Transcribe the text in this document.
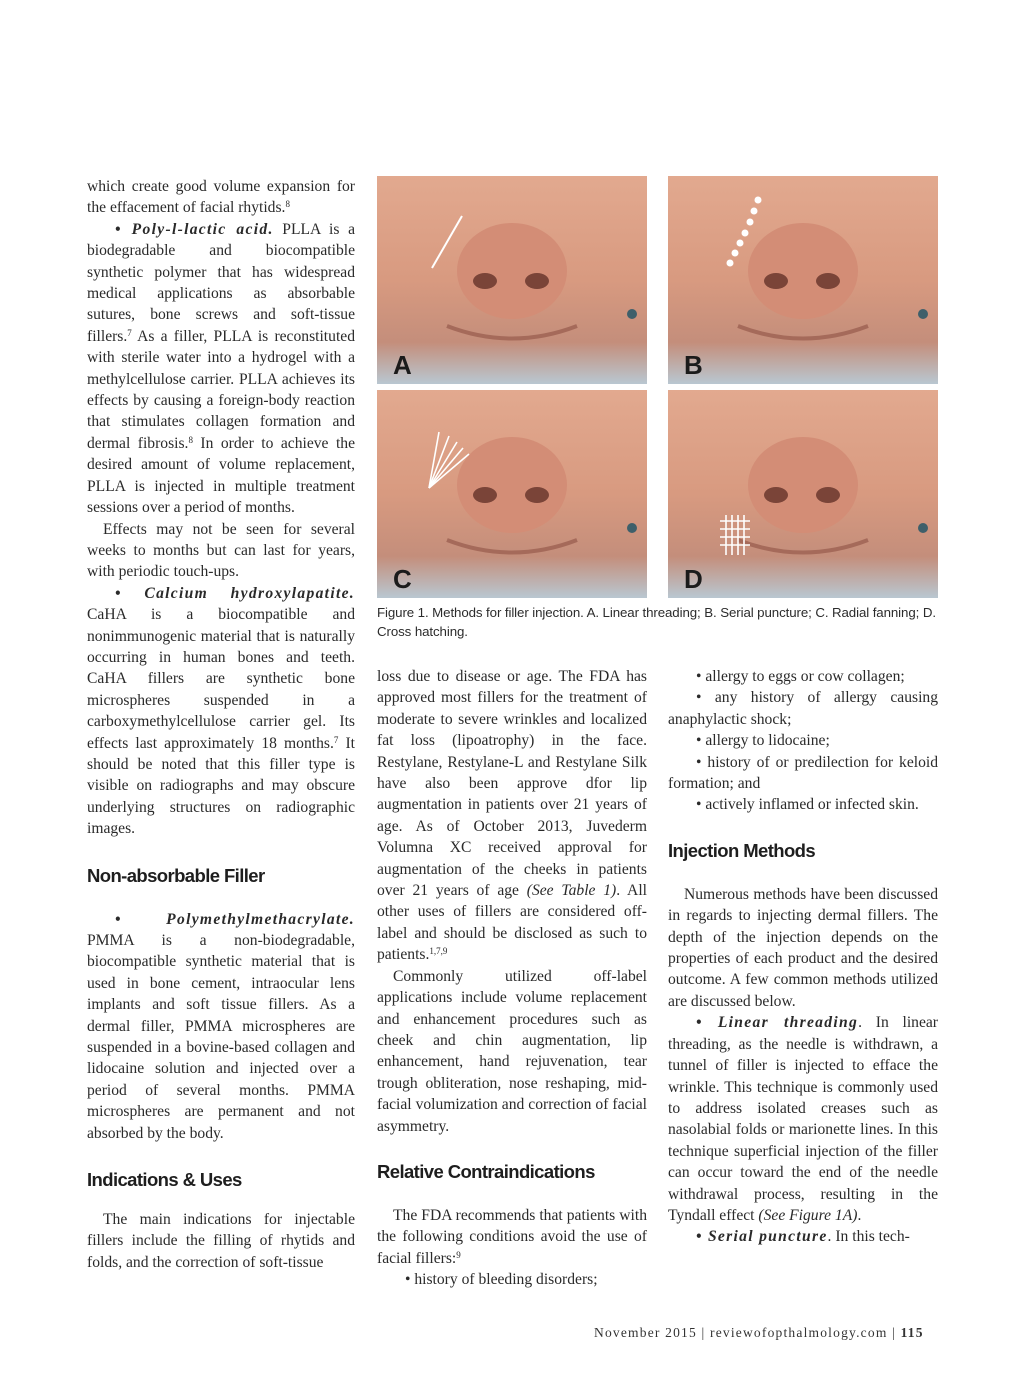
which create good volume expansion for the effacement of facial rhytids.$^8$

• Poly-l-lactic acid. PLLA is a biodegradable and biocompatible synthetic polymer that has widespread medical applications as absorbable sutures, bone screws and soft-tissue fillers.$^7$ As a filler, PLLA is reconstituted with sterile water into a hydrogel with a methylcellulose carrier. PLLA achieves its effects by causing a foreign-body reaction that stimulates collagen formation and dermal fibrosis.$^8$ In order to achieve the desired amount of volume replacement, PLLA is injected in multiple treatment sessions over a period of months.

Effects may not be seen for several weeks to months but can last for years, with periodic touch-ups.

• Calcium hydroxylapatite. CaHA is a biocompatible and nonimmunogenic material that is naturally occurring in human bones and teeth. CaHA fillers are synthetic bone microspheres suspended in a carboxymethylcellulose carrier gel. Its effects last approximately 18 months.$^7$ It should be noted that this filler type is visible on radiographs and may obscure underlying structures on radiographic images.

Non-absorbable Filler

• Polymethylmethacrylate. PMMA is a non-biodegradable, biocompatible synthetic material that is used in bone cement, intraocular lens implants and soft tissue fillers. As a dermal filler, PMMA microspheres are suspended in a bovine-based collagen and lidocaine solution and injected over a period of several months. PMMA microspheres are permanent and not absorbed by the body.

Indications & Uses

The main indications for injectable fillers include the filling of rhytids and folds, and the correction of soft-tissue

A	B
C	D
Figure 1. Methods for filler injection. A. Linear threading; B. Serial puncture; C. Radial fanning; D. Cross hatching.

loss due to disease or age. The FDA has approved most fillers for the treatment of moderate to severe wrinkles and localized fat loss (lipoatrophy) in the face. Restylane, Restylane-L and Restylane Silk have also been approve dfor lip augmentation in patients over 21 years of age. As of October 2013, Juvederm Volumna XC received approval for augmentation of the cheeks in patients over 21 years of age (See Table 1). All other uses of fillers are considered off-label and should be disclosed as such to patients.$^{1,7,9}$

Commonly utilized off-label applications include volume replacement and enhancement procedures such as cheek and chin augmentation, lip enhancement, hand rejuvenation, tear trough obliteration, nose reshaping, mid-facial volumization and correction of facial asymmetry.

Relative Contraindications

The FDA recommends that patients with the following conditions avoid the use of facial fillers:$^9$

• history of bleeding disorders;

• allergy to eggs or cow collagen;

• any history of allergy causing anaphylactic shock;

• allergy to lidocaine;

• history of or predilection for keloid formation; and

• actively inflamed or infected skin.

Injection Methods

Numerous methods have been discussed in regards to injecting dermal fillers. The depth of the injection depends on the properties of each product and the desired outcome. A few common methods utilized are discussed below.

• Linear threading. In linear threading, as the needle is withdrawn, a tunnel of filler is injected to efface the wrinkle. This technique is commonly used to address isolated creases such as nasolabial folds or marionette lines. In this technique superficial injection of the filler can occur toward the end of the needle withdrawal process, resulting in the Tyndall effect (See Figure 1A).

• Serial puncture. In this tech-

November 2015 | reviewofopthalmology.com | 115
